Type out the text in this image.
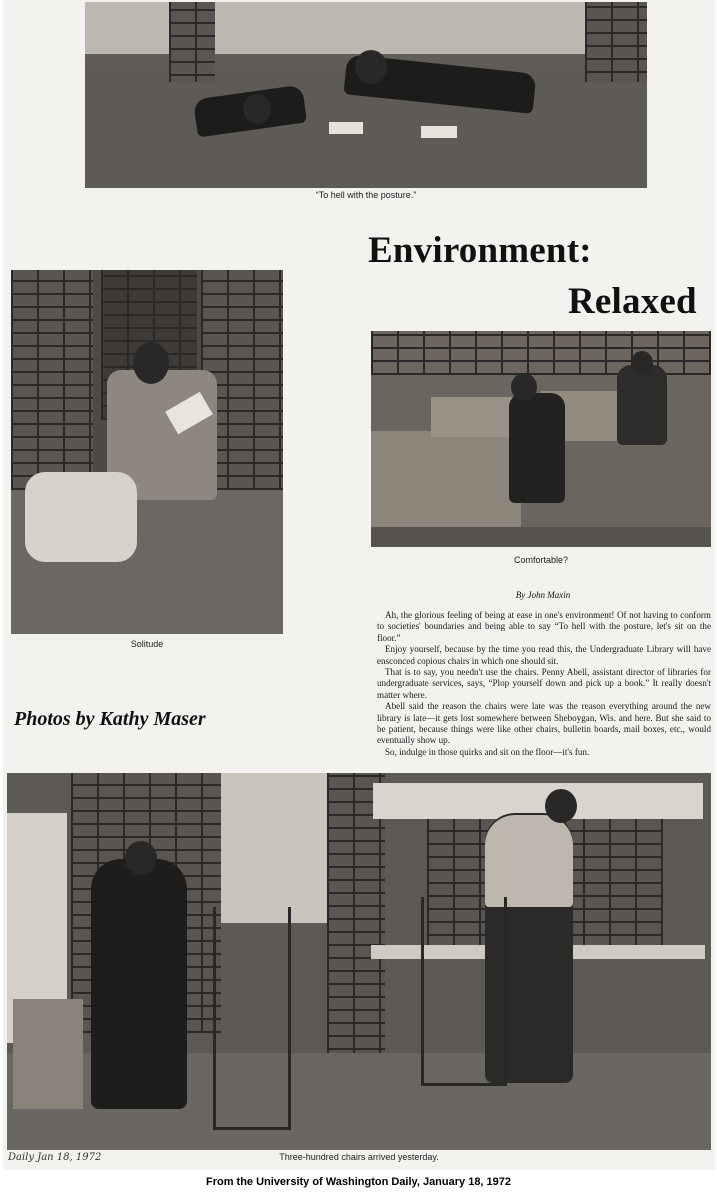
“To hell with the posture.”
Environment:
Relaxed
Solitude
Comfortable?
By John Maxin

Ah, the glorious feeling of being at ease in one's environment! Of not having to conform to societies' boundaries and being able to say “To hell with the posture, let's sit on the floor.”

Enjoy yourself, because by the time you read this, the Undergraduate Library will have ensconced copious chairs in which one should sit.

That is to say, you needn't use the chairs. Penny Abell, assistant director of libraries for undergraduate services, says, “Plop yourself down and pick up a book.” It really doesn't matter where.

Abell said the reason the chairs were late was the reason everything around the new library is late—it gets lost somewhere between Sheboygan, Wis. and here. But she said to be patient, because things were like other chairs, bulletin boards, mail boxes, etc., would eventually show up.

So, indulge in those quirks and sit on the floor—it's fun.

Photos by Kathy Maser
Three-hundred chairs arrived yesterday.
Daily Jan 18, 1972
From the University of Washington Daily, January 18, 1972
